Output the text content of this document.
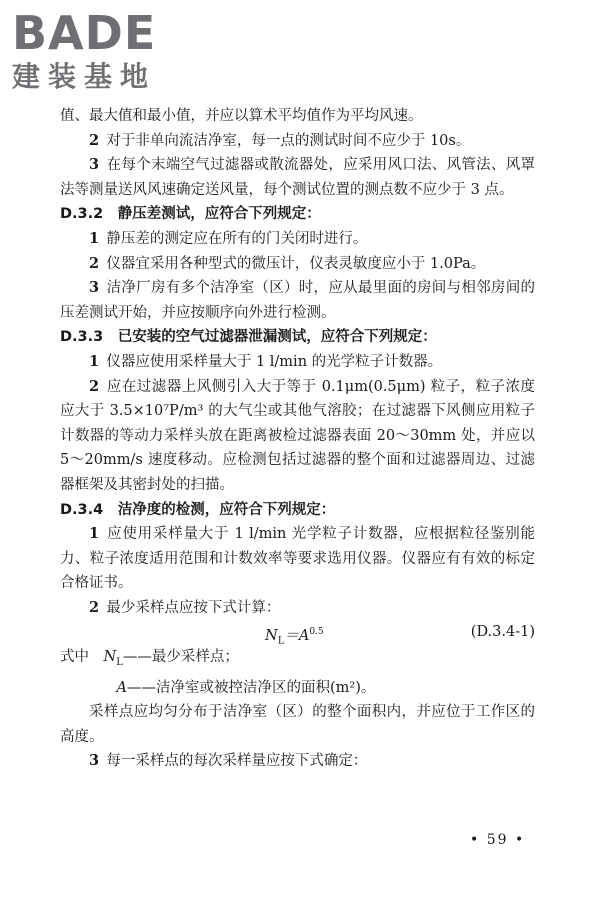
BADE
建装基地

值、最大值和最小值，并应以算术平均值作为平均风速。

2 对于非单向流洁净室，每一点的测试时间不应少于 10s。

3 在每个末端空气过滤器或散流器处，应采用风口法、风管法、风罩法等测量送风风速确定送风量，每个测试位置的测点数不应少于 3 点。

D.3.2　 静压差测试，应符合下列规定：

1 静压差的测定应在所有的门关闭时进行。

2 仪器宜采用各种型式的微压计，仪表灵敏度应小于 1.0Pa。

3 洁净厂房有多个洁净室（区）时，应从最里面的房间与相邻房间的压差测试开始，并应按顺序向外进行检测。

D.3.3　 已安装的空气过滤器泄漏测试，应符合下列规定：

1 仪器应使用采样量大于 1 l/min 的光学粒子计数器。

2 应在过滤器上风侧引入大于等于 0.1μm(0.5μm) 粒子，粒子浓度应大于 3.5×10⁷P/m³ 的大气尘或其他气溶胶；在过滤器下风侧应用粒子计数器的等动力采样头放在距离被检过滤器表面 20～30mm 处，并应以 5～20mm/s 速度移动。应检测包括过滤器的整个面和过滤器周边、过滤器框架及其密封处的扫描。

D.3.4　 洁净度的检测，应符合下列规定：

1 应使用采样量大于 1 l/min 光学粒子计数器，应根据粒径鉴别能力、粒子浓度适用范围和计数效率等要求选用仪器。仪器应有有效的标定合格证书。

2 最少采样点应按下式计算：

$N_L=A^{0.5}$	(D.3.4-1)

式中　 $N_L——$最少采样点；

A——洁净室或被控洁净区的面积(m²)。

采样点应均匀分布于洁净室（区）的整个面积内，并应位于工作区的高度。

3 每一采样点的每次采样量应按下式确定：

• 59 •
